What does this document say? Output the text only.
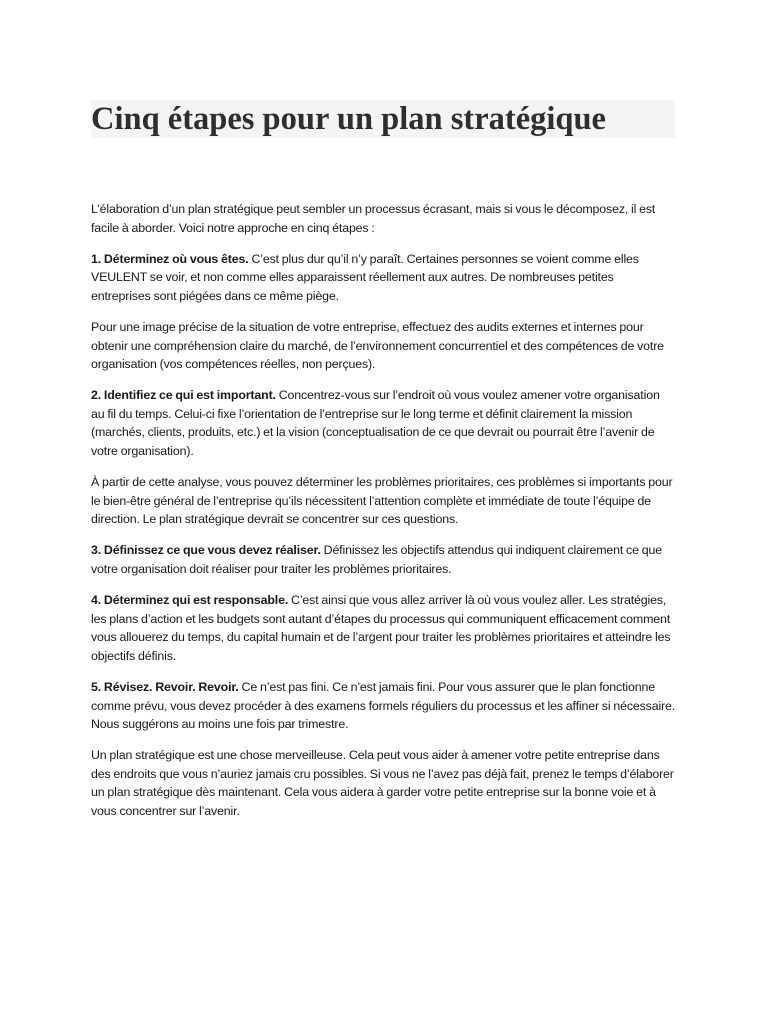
Cinq étapes pour un plan stratégique

L’élaboration d’un plan stratégique peut sembler un processus écrasant, mais si vous le décomposez, il est facile à aborder. Voici notre approche en cinq étapes :

1. Déterminez où vous êtes. C’est plus dur qu’il n’y paraît. Certaines personnes se voient comme elles VEULENT se voir, et non comme elles apparaissent réellement aux autres. De nombreuses petites entreprises sont piégées dans ce même piège.

Pour une image précise de la situation de votre entreprise, effectuez des audits externes et internes pour obtenir une compréhension claire du marché, de l’environnement concurrentiel et des compétences de votre organisation (vos compétences réelles, non perçues).

2. Identifiez ce qui est important. Concentrez-vous sur l’endroit où vous voulez amener votre organisation au fil du temps. Celui-ci fixe l’orientation de l’entreprise sur le long terme et définit clairement la mission (marchés, clients, produits, etc.) et la vision (conceptualisation de ce que devrait ou pourrait être l’avenir de votre organisation).

À partir de cette analyse, vous pouvez déterminer les problèmes prioritaires, ces problèmes si importants pour le bien-être général de l’entreprise qu’ils nécessitent l’attention complète et immédiate de toute l’équipe de direction. Le plan stratégique devrait se concentrer sur ces questions.

3. Définissez ce que vous devez réaliser. Définissez les objectifs attendus qui indiquent clairement ce que votre organisation doit réaliser pour traiter les problèmes prioritaires.

4. Déterminez qui est responsable. C’est ainsi que vous allez arriver là où vous voulez aller. Les stratégies, les plans d’action et les budgets sont autant d’étapes du processus qui communiquent efficacement comment vous allouerez du temps, du capital humain et de l’argent pour traiter les problèmes prioritaires et atteindre les objectifs définis.

5. Révisez. Revoir. Revoir. Ce n’est pas fini. Ce n’est jamais fini. Pour vous assurer que le plan fonctionne comme prévu, vous devez procéder à des examens formels réguliers du processus et les affiner si nécessaire. Nous suggérons au moins une fois par trimestre.

Un plan stratégique est une chose merveilleuse. Cela peut vous aider à amener votre petite entreprise dans des endroits que vous n’auriez jamais cru possibles. Si vous ne l’avez pas déjà fait, prenez le temps d’élaborer un plan stratégique dès maintenant. Cela vous aidera à garder votre petite entreprise sur la bonne voie et à vous concentrer sur l’avenir.
